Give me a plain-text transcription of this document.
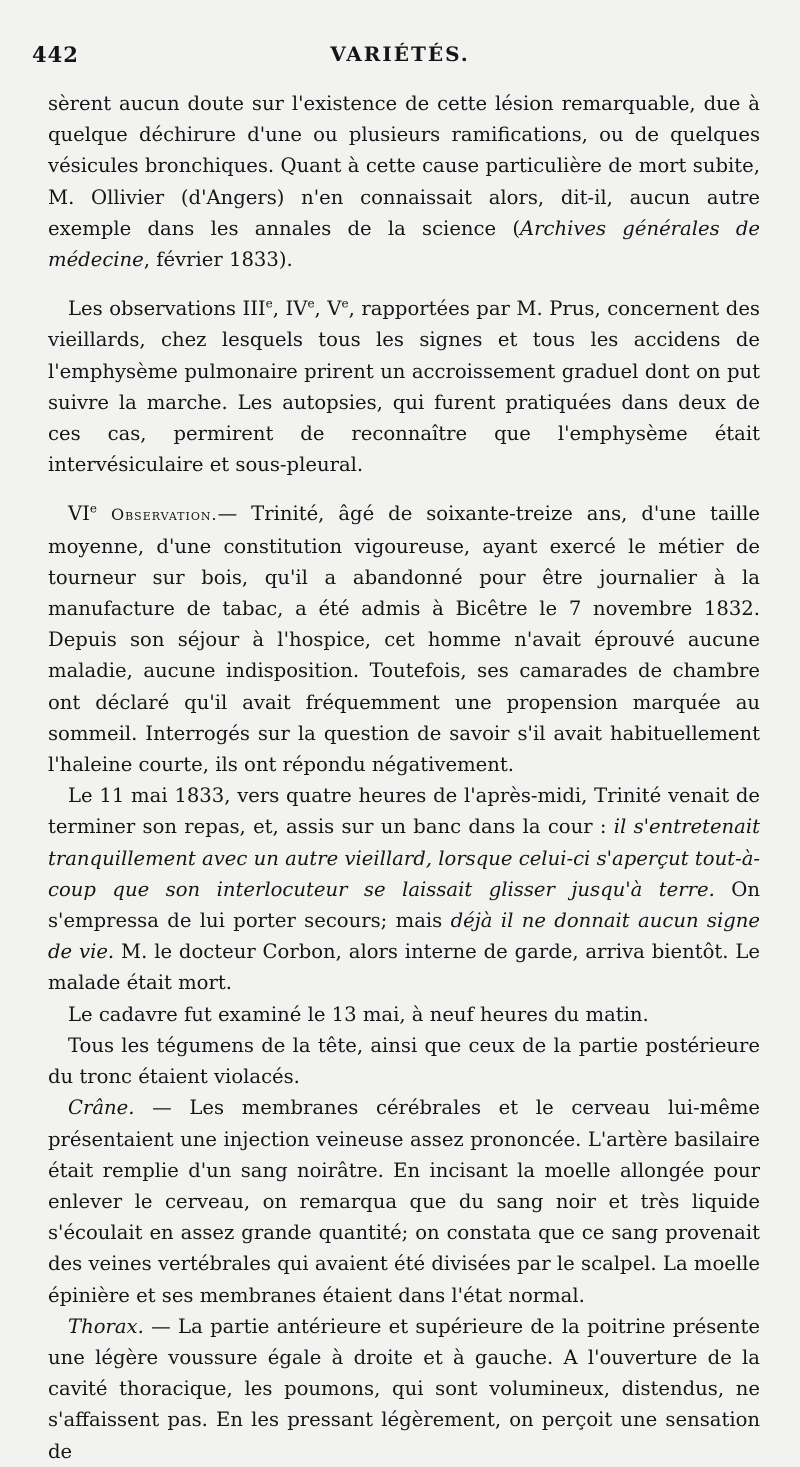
442	VARIÉTÉS.

sèrent aucun doute sur l'existence de cette lésion remarquable, due à quelque déchirure d'une ou plusieurs ramifications, ou de quelques vésicules bronchiques. Quant à cette cause particulière de mort subite, M. Ollivier (d'Angers) n'en connaissait alors, dit-il, aucun autre exemple dans les annales de la science (Archives générales de médecine, février 1833).

Les observations IIIe, IVe, Ve, rapportées par M. Prus, concernent des vieillards, chez lesquels tous les signes et tous les accidens de l'emphysème pulmonaire prirent un accroissement graduel dont on put suivre la marche. Les autopsies, qui furent pratiquées dans deux de ces cas, permirent de reconnaître que l'emphysème était intervésiculaire et sous-pleural.

VIe Observation.— Trinité, âgé de soixante-treize ans, d'une taille moyenne, d'une constitution vigoureuse, ayant exercé le métier de tourneur sur bois, qu'il a abandonné pour être journalier à la manufacture de tabac, a été admis à Bicêtre le 7 novembre 1832. Depuis son séjour à l'hospice, cet homme n'avait éprouvé aucune maladie, aucune indisposition. Toutefois, ses camarades de chambre ont déclaré qu'il avait fréquemment une propension marquée au sommeil. Interrogés sur la question de savoir s'il avait habituellement l'haleine courte, ils ont répondu négativement.

Le 11 mai 1833, vers quatre heures de l'après-midi, Trinité venait de terminer son repas, et, assis sur un banc dans la cour : il s'entretenait tranquillement avec un autre vieillard, lorsque celui-ci s'aperçut tout-à-coup que son interlocuteur se laissait glisser jusqu'à terre. On s'empressa de lui porter secours; mais déjà il ne donnait aucun signe de vie. M. le docteur Corbon, alors interne de garde, arriva bientôt. Le malade était mort.

Le cadavre fut examiné le 13 mai, à neuf heures du matin.

Tous les tégumens de la tête, ainsi que ceux de la partie postérieure du tronc étaient violacés.

Crâne. — Les membranes cérébrales et le cerveau lui-même présentaient une injection veineuse assez prononcée. L'artère basilaire était remplie d'un sang noirâtre. En incisant la moelle allongée pour enlever le cerveau, on remarqua que du sang noir et très liquide s'écoulait en assez grande quantité; on constata que ce sang provenait des veines vertébrales qui avaient été divisées par le scalpel. La moelle épinière et ses membranes étaient dans l'état normal.

Thorax. — La partie antérieure et supérieure de la poitrine présente une légère voussure égale à droite et à gauche. A l'ouverture de la cavité thoracique, les poumons, qui sont volumineux, distendus, ne s'affaissent pas. En les pressant légèrement, on perçoit une sensation de
